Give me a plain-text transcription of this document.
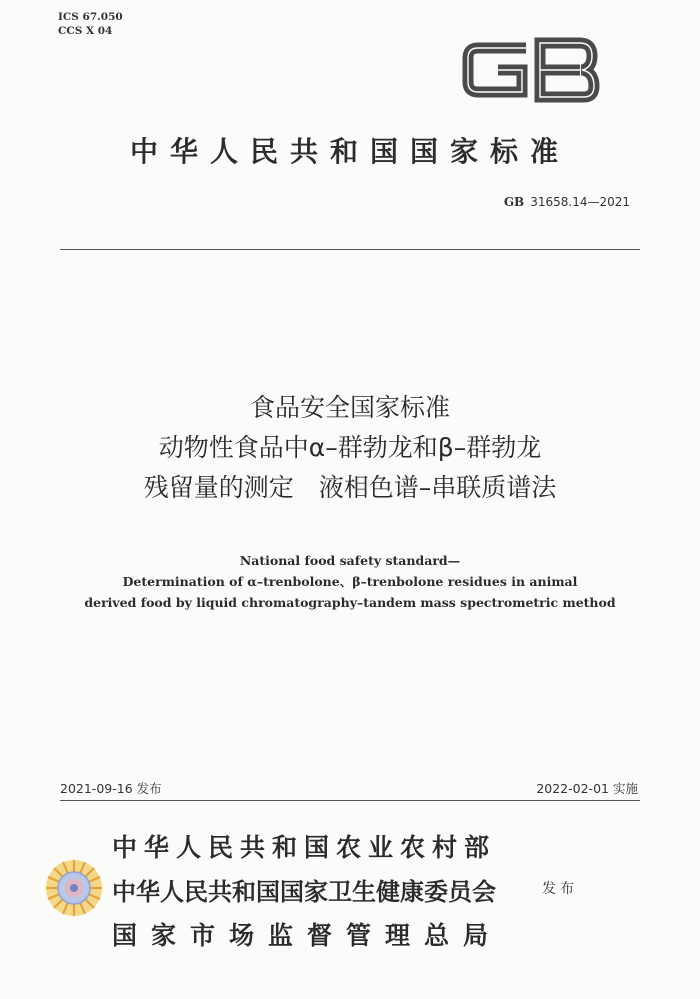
ICS 67.050
CCS X 04
中华人民共和国国家标准
GB 31658.14—2021
食品安全国家标准
动物性食品中α–群勃龙和β–群勃龙
残留量的测定　液相色谱–串联质谱法
National food safety standard—
Determination of α–trenbolone、β–trenbolone residues in animal
derived food by liquid chromatography–tandem mass spectrometric method
2021-09-16 发布	2022-02-01 实施
中华人民共和国农业农村部
中华人民共和国国家卫生健康委员会
国家市场监督管理总局
发布
